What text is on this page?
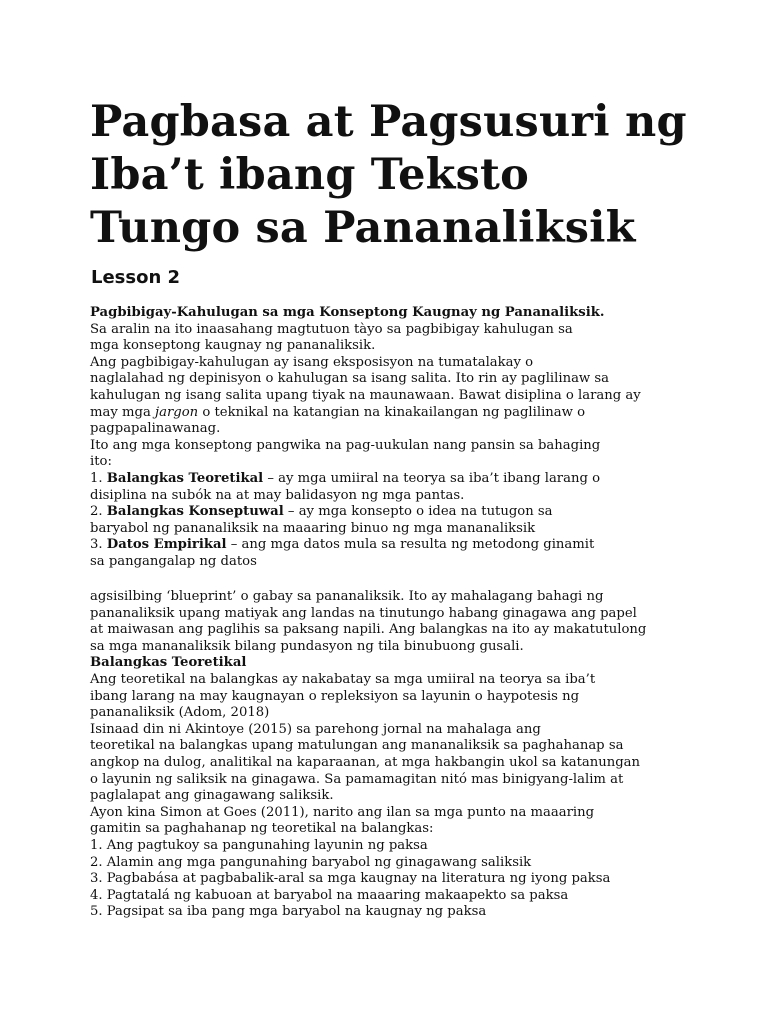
Pagbasa at Pagsusuri ng
Iba’t ibang Teksto
Tungo sa Pananaliksik
Lesson 2
Pagbibigay-Kahulugan sa mga Konseptong Kaugnay ng Pananaliksik.
Sa aralin na ito inaasahang magtutuon tàyo sa pagbibigay kahulugan sa
mga konseptong kaugnay ng pananaliksik.
Ang pagbibigay-kahulugan ay isang eksposisyon na tumatalakay o
naglalahad ng depinisyon o kahulugan sa isang salita. Ito rin ay paglilinaw sa
kahulugan ng isang salita upang tiyak na maunawaan. Bawat disiplina o larang ay
may mga jargon o teknikal na katangian na kinakailangan ng paglilinaw o
pagpapalinawanag.
Ito ang mga konseptong pangwika na pag-uukulan nang pansin sa bahaging
ito:
1. Balangkas Teoretikal – ay mga umiiral na teorya sa iba’t ibang larang o
disiplina na subók na at may balidasyon ng mga pantas.
2. Balangkas Konseptuwal – ay mga konsepto o idea na tutugon sa
baryabol ng pananaliksik na maaaring binuo ng mga mananaliksik
3. Datos Empirikal – ang mga datos mula sa resulta ng metodong ginamit
sa pangangalap ng datos
agsisilbing ‘blueprint’ o gabay sa pananaliksik. Ito ay mahalagang bahagi ng
pananaliksik upang matiyak ang landas na tinutungo habang ginagawa ang papel
at maiwasan ang paglihis sa paksang napili. Ang balangkas na ito ay makatutulong
sa mga mananaliksik bilang pundasyon ng tila binubuong gusali.
Balangkas Teoretikal
Ang teoretikal na balangkas ay nakabatay sa mga umiiral na teorya sa iba’t
ibang larang na may kaugnayan o repleksiyon sa layunin o haypotesis ng
pananaliksik (Adom, 2018)
Isinaad din ni Akintoye (2015) sa parehong jornal na mahalaga ang
teoretikal na balangkas upang matulungan ang mananaliksik sa paghahanap sa
angkop na dulog, analitikal na kaparaanan, at mga hakbangin ukol sa katanungan
o layunin ng saliksik na ginagawa. Sa pamamagitan nitó mas binigyang-lalim at
paglalapat ang ginagawang saliksik.
Ayon kina Simon at Goes (2011), narito ang ilan sa mga punto na maaaring
gamitin sa paghahanap ng teoretikal na balangkas:
1. Ang pagtukoy sa pangunahing layunin ng paksa
2. Alamin ang mga pangunahing baryabol ng ginagawang saliksik
3. Pagbabása at pagbabalik-aral sa mga kaugnay na literatura ng iyong paksa
4. Pagtatalá ng kabuoan at baryabol na maaaring makaapekto sa paksa
5. Pagsipat sa iba pang mga baryabol na kaugnay ng paksa
